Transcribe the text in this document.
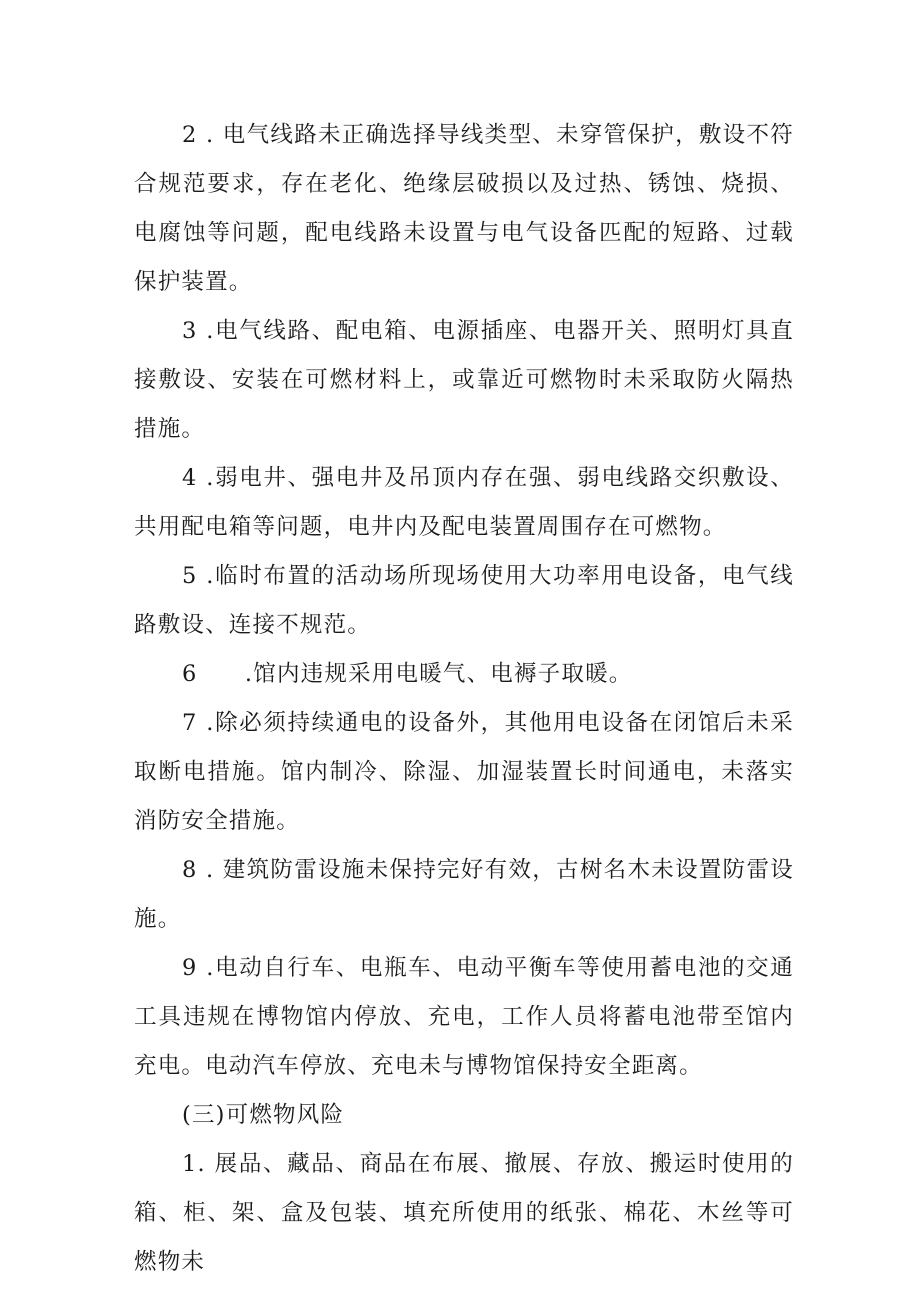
2 . 电气线路未正确选择导线类型、未穿管保护，敷设不符合规范要求，存在老化、绝缘层破损以及过热、锈蚀、烧损、电腐蚀等问题，配电线路未设置与电气设备匹配的短路、过载保护装置。

3 .电气线路、配电箱、电源插座、电器开关、照明灯具直接敷设、安装在可燃材料上，或靠近可燃物时未采取防火隔热措施。

4 .弱电井、强电井及吊顶内存在强、弱电线路交织敷设、共用配电箱等问题，电井内及配电装置周围存在可燃物。

5 .临时布置的活动场所现场使用大功率用电设备，电气线路敷设、连接不规范。

6　　.馆内违规采用电暖气、电褥子取暖。

7 .除必须持续通电的设备外，其他用电设备在闭馆后未采取断电措施。馆内制冷、除湿、加湿装置长时间通电，未落实消防安全措施。

8 . 建筑防雷设施未保持完好有效，古树名木未设置防雷设施。

9 .电动自行车、电瓶车、电动平衡车等使用蓄电池的交通工具违规在博物馆内停放、充电，工作人员将蓄电池带至馆内充电。电动汽车停放、充电未与博物馆保持安全距离。

(三)可燃物风险

1. 展品、藏品、商品在布展、撤展、存放、搬运时使用的箱、柜、架、盒及包装、填充所使用的纸张、棉花、木丝等可燃物未
